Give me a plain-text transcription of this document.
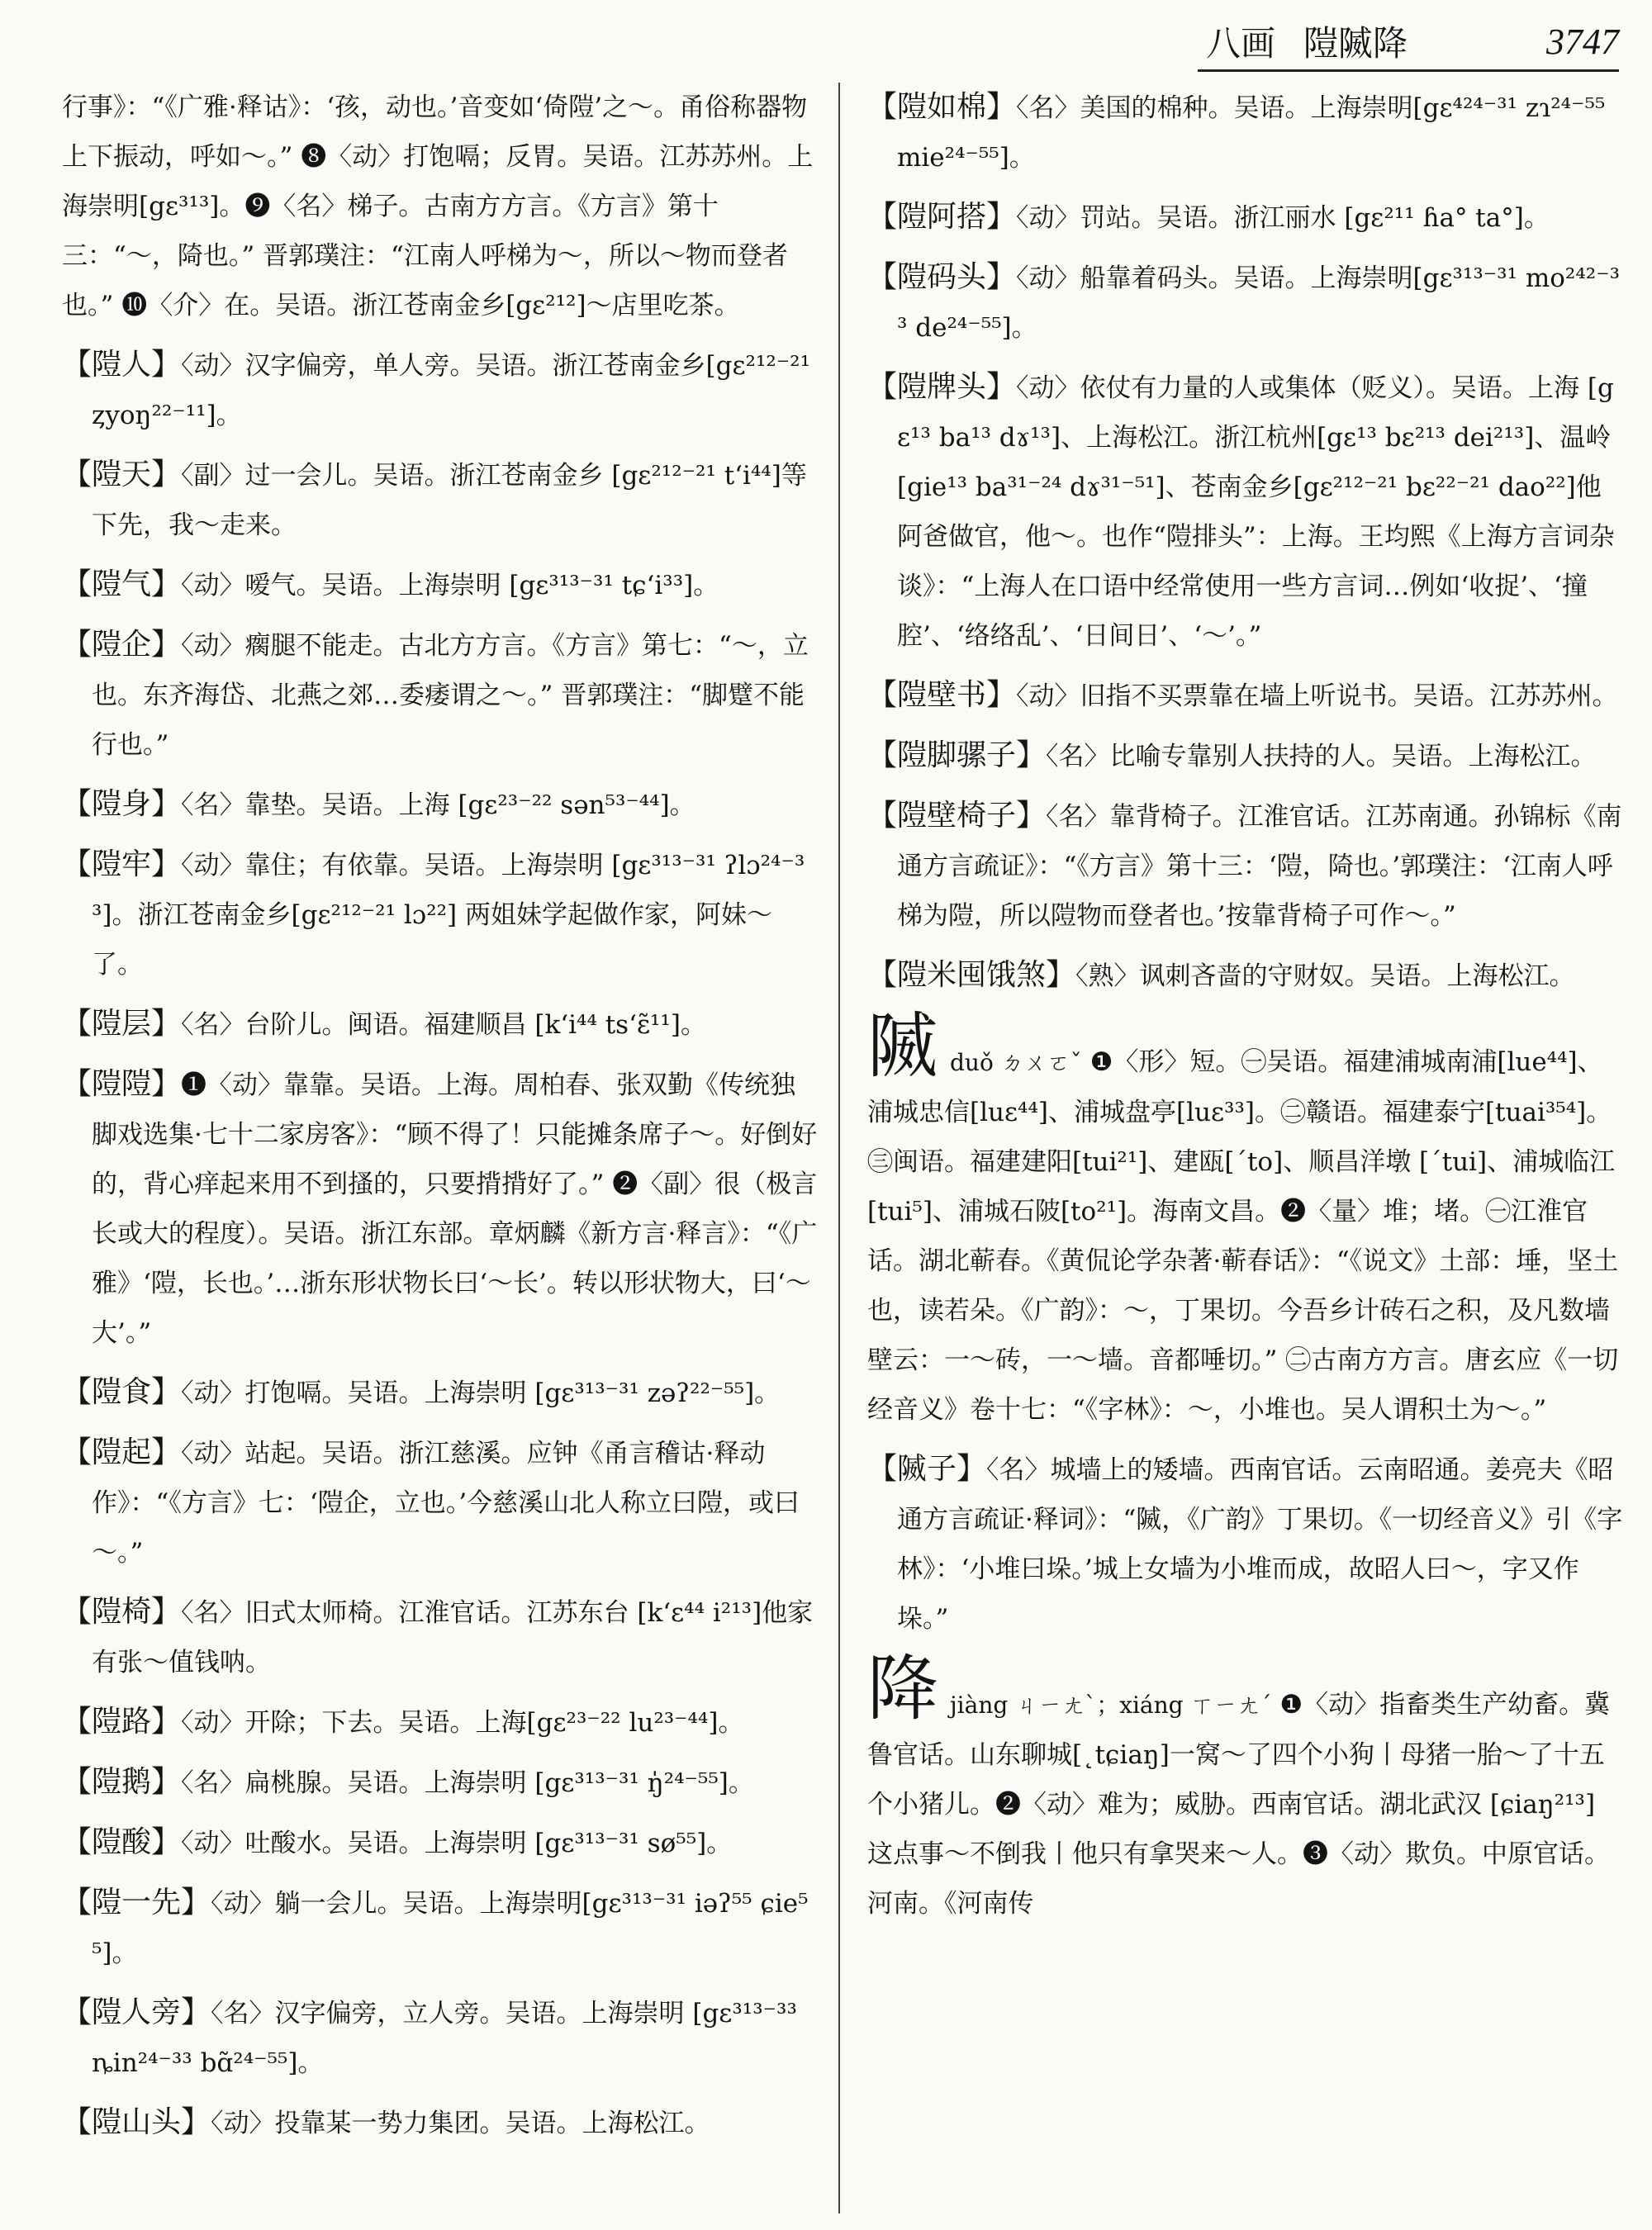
八画 隑隇降	3747

行事》：“《广雅·释诂》：‘孩，动也。’音变如‘倚隑’之～。甬俗称器物上下振动，呼如～。” ❽〈动〉打饱嗝；反胃。吴语。江苏苏州。上海崇明[gɛ³¹³]。❾〈名〉梯子。古南方方言。《方言》第十三：“～，陭也。” 晋郭璞注：“江南人呼梯为～，所以～物而登者也。” ❿〈介〉在。吴语。浙江苍南金乡[gɛ²¹²]～店里吃茶。

【隑人】〈动〉汉字偏旁，单人旁。吴语。浙江苍南金乡[gɛ²¹²⁻²¹ ȥyoŋ²²⁻¹¹]。

【隑天】〈副〉过一会儿。吴语。浙江苍南金乡 [gɛ²¹²⁻²¹ t‘i⁴⁴]等下先，我～走来。

【隑气】〈动〉嗳气。吴语。上海崇明 [gɛ³¹³⁻³¹ tɕ‘i³³]。

【隑企】〈动〉瘸腿不能走。古北方方言。《方言》第七：“～，立也。东齐海岱、北燕之郊…委痿谓之～。” 晋郭璞注：“脚躄不能行也。”

【隑身】〈名〉靠垫。吴语。上海 [gɛ²³⁻²² sən⁵³⁻⁴⁴]。

【隑牢】〈动〉靠住；有依靠。吴语。上海崇明 [gɛ³¹³⁻³¹ ʔlɔ²⁴⁻³³]。浙江苍南金乡[gɛ²¹²⁻²¹ lɔ²²] 两姐妹学起做作家，阿妹～了。

【隑层】〈名〉台阶儿。闽语。福建顺昌 [k‘i⁴⁴ ts‘ɛ̃¹¹]。

【隑隑】❶〈动〉靠靠。吴语。上海。周柏春、张双勤《传统独脚戏选集·七十二家房客》：“顾不得了！只能摊条席子～。好倒好的，背心痒起来用不到搔的，只要揹揹好了。” ❷〈副〉很（极言长或大的程度）。吴语。浙江东部。章炳麟《新方言·释言》：“《广雅》‘隑，长也。’…浙东形状物长曰‘～长’。转以形状物大，曰‘～大’。”

【隑食】〈动〉打饱嗝。吴语。上海崇明 [gɛ³¹³⁻³¹ zəʔ²²⁻⁵⁵]。

【隑起】〈动〉站起。吴语。浙江慈溪。应钟《甬言稽诂·释动作》：“《方言》七：‘隑企，立也。’今慈溪山北人称立曰隑，或曰～。”

【隑椅】〈名〉旧式太师椅。江淮官话。江苏东台 [k‘ɛ⁴⁴ i²¹³]他家有张～值钱呐。

【隑路】〈动〉开除；下去。吴语。上海[gɛ²³⁻²² lu²³⁻⁴⁴]。

【隑鹅】〈名〉扁桃腺。吴语。上海崇明 [gɛ³¹³⁻³¹ ŋ̍²⁴⁻⁵⁵]。

【隑酸】〈动〉吐酸水。吴语。上海崇明 [gɛ³¹³⁻³¹ sø⁵⁵]。

【隑一先】〈动〉躺一会儿。吴语。上海崇明[gɛ³¹³⁻³¹ iəʔ⁵⁵ ɕie⁵⁵]。

【隑人旁】〈名〉汉字偏旁，立人旁。吴语。上海崇明 [gɛ³¹³⁻³³ ȵin²⁴⁻³³ bɑ̃²⁴⁻⁵⁵]。

【隑山头】〈动〉投靠某一势力集团。吴语。上海松江。

【隑如棉】〈名〉美国的棉种。吴语。上海崇明[gɛ⁴²⁴⁻³¹ zɿ²⁴⁻⁵⁵ mie²⁴⁻⁵⁵]。

【隑阿搭】〈动〉罚站。吴语。浙江丽水 [gɛ²¹¹ ɦa° ta°]。

【隑码头】〈动〉船靠着码头。吴语。上海崇明[gɛ³¹³⁻³¹ mo²⁴²⁻³³ de²⁴⁻⁵⁵]。

【隑牌头】〈动〉依仗有力量的人或集体（贬义）。吴语。上海 [gɛ¹³ ba¹³ dɤ¹³]、上海松江。浙江杭州[gɛ¹³ bɛ²¹³ dei²¹³]、温岭[gie¹³ ba³¹⁻²⁴ dɤ³¹⁻⁵¹]、苍南金乡[gɛ²¹²⁻²¹ bɛ²²⁻²¹ dao²²]他阿爸做官，他～。也作“隑排头”：上海。王均熙《上海方言词杂谈》：“上海人在口语中经常使用一些方言词…例如‘收捉’、‘撞腔’、‘络络乱’、‘日间日’、‘～’。”

【隑壁书】〈动〉旧指不买票靠在墙上听说书。吴语。江苏苏州。

【隑脚骡子】〈名〉比喻专靠别人扶持的人。吴语。上海松江。

【隑壁椅子】〈名〉靠背椅子。江淮官话。江苏南通。孙锦标《南通方言疏证》：“《方言》第十三：‘隑，陭也。’郭璞注：‘江南人呼梯为隑，所以隑物而登者也。’按靠背椅子可作～。”

【隑米囤饿煞】〈熟〉讽刺吝啬的守财奴。吴语。上海松江。

隇duǒ ㄉㄨㄛˇ ❶〈形〉短。㊀吴语。福建浦城南浦[lue⁴⁴]、浦城忠信[luɛ⁴⁴]、浦城盘亭[luɛ³³]。㊁赣语。福建泰宁[tuai³⁵⁴]。㊂闽语。福建建阳[tui²¹]、建瓯[ˊto]、顺昌洋墩 [ˊtui]、浦城临江 [tui⁵]、浦城石陂[to²¹]。海南文昌。❷〈量〉堆；堵。㊀江淮官话。湖北蕲春。《黄侃论学杂著·蕲春话》：“《说文》土部：埵，坚土也，读若朵。《广韵》：～，丁果切。今吾乡计砖石之积，及凡数墙壁云：一～砖，一～墙。音都唾切。” ㊁古南方方言。唐玄应《一切经音义》卷十七：“《字林》：～，小堆也。吴人谓积土为～。”

【隇子】〈名〉城墙上的矮墙。西南官话。云南昭通。姜亮夫《昭通方言疏证·释词》：“隇，《广韵》丁果切。《一切经音义》引《字林》：‘小堆曰垛。’城上女墙为小堆而成，故昭人曰～，字又作垛。”

降jiàng ㄐㄧㄤˋ；xiáng ㄒㄧㄤˊ ❶〈动〉指畜类生产幼畜。冀鲁官话。山东聊城[˛tɕiaŋ]一窝～了四个小狗丨母猪一胎～了十五个小猪儿。❷〈动〉难为；威胁。西南官话。湖北武汉 [ɕiaŋ²¹³] 这点事～不倒我丨他只有拿哭来～人。❸〈动〉欺负。中原官话。河南。《河南传
